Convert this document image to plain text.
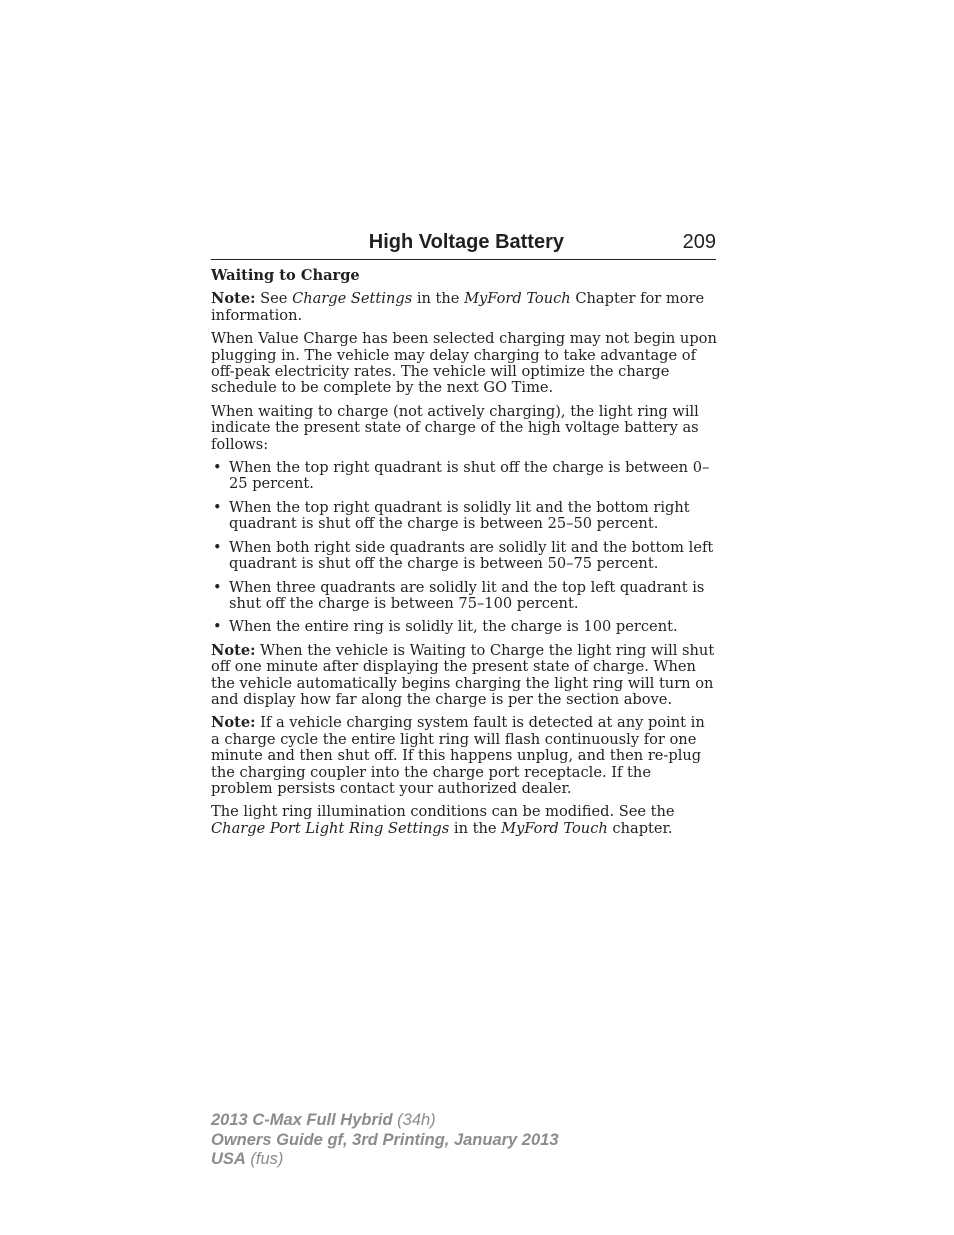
High Voltage Battery	209
Waiting to Charge

Note: See Charge Settings in the MyFord Touch Chapter for more information.

When Value Charge has been selected charging may not begin upon plugging in. The vehicle may delay charging to take advantage of off-peak electricity rates. The vehicle will optimize the charge schedule to be complete by the next GO Time.

When waiting to charge (not actively charging), the light ring will indicate the present state of charge of the high voltage battery as follows:

• When the top right quadrant is shut off the charge is between 0–25 percent.
• When the top right quadrant is solidly lit and the bottom right quadrant is shut off the charge is between 25–50 percent.
• When both right side quadrants are solidly lit and the bottom left quadrant is shut off the charge is between 50–75 percent.
• When three quadrants are solidly lit and the top left quadrant is shut off the charge is between 75–100 percent.
• When the entire ring is solidly lit, the charge is 100 percent.

Note: When the vehicle is Waiting to Charge the light ring will shut off one minute after displaying the present state of charge. When the vehicle automatically begins charging the light ring will turn on and display how far along the charge is per the section above.

Note: If a vehicle charging system fault is detected at any point in a charge cycle the entire light ring will flash continuously for one minute and then shut off. If this happens unplug, and then re-plug the charging coupler into the charge port receptacle. If the problem persists contact your authorized dealer.

The light ring illumination conditions can be modified. See the Charge Port Light Ring Settings in the MyFord Touch chapter.

2013 C-Max Full Hybrid (34h)
Owners Guide gf, 3rd Printing, January 2013
USA (fus)
